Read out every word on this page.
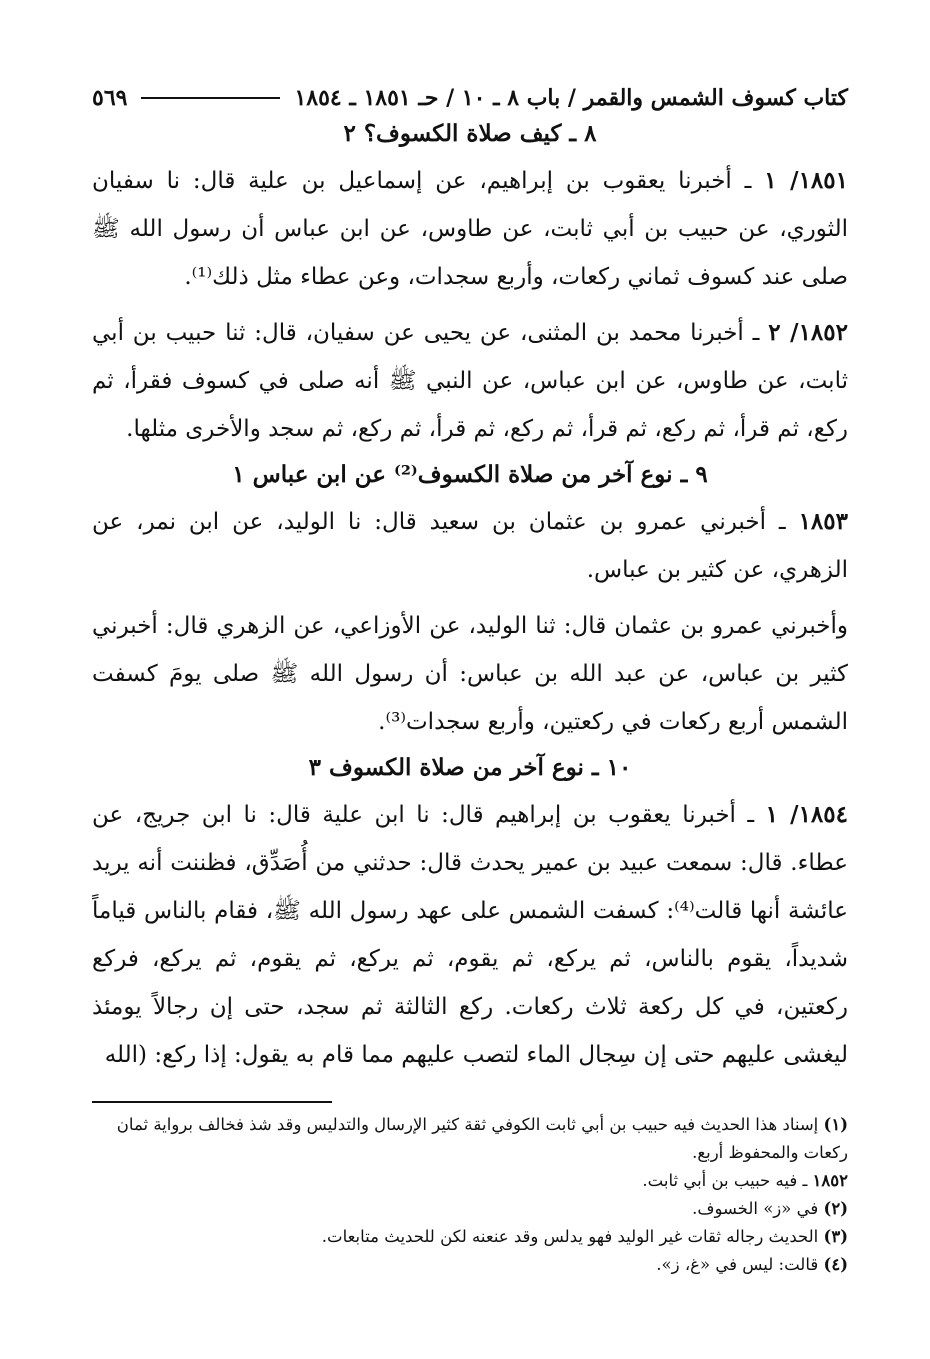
كتاب كسوف الشمس والقمر / باب ٨ ـ ١٠ / حـ ١٨٥١ ـ ١٨٥٤
٥٦٩
٨ ـ كيف صلاة الكسوف؟ ٢

١٨٥١/ ١ ـ أخبرنا يعقوب بن إبراهيم، عن إسماعيل بن علية قال: نا سفيان الثوري، عن حبيب بن أبي ثابت، عن طاوس، عن ابن عباس أن رسول الله ﷺ صلى عند كسوف ثماني ركعات، وأربع سجدات، وعن عطاء مثل ذلك⁽¹⁾.

١٨٥٢/ ٢ ـ أخبرنا محمد بن المثنى، عن يحيى عن سفيان، قال: ثنا حبيب بن أبي ثابت، عن طاوس، عن ابن عباس، عن النبي ﷺ أنه صلى في كسوف فقرأ، ثم ركع، ثم قرأ، ثم ركع، ثم قرأ، ثم ركع، ثم قرأ، ثم ركع، ثم سجد والأخرى مثلها.

٩ ـ نوع آخر من صلاة الكسوف⁽²⁾ عن ابن عباس ١

١٨٥٣ ـ أخبرني عمرو بن عثمان بن سعيد قال: نا الوليد، عن ابن نمر، عن الزهري، عن كثير بن عباس.

وأخبرني عمرو بن عثمان قال: ثنا الوليد، عن الأوزاعي، عن الزهري قال: أخبرني كثير بن عباس، عن عبد الله بن عباس: أن رسول الله ﷺ صلى يومَ كسفت الشمس أربع ركعات في ركعتين، وأربع سجدات⁽³⁾.

١٠ ـ نوع آخر من صلاة الكسوف ٣

١٨٥٤/ ١ ـ أخبرنا يعقوب بن إبراهيم قال: نا ابن علية قال: نا ابن جريج، عن عطاء. قال: سمعت عبيد بن عمير يحدث قال: حدثني من أُصَدِّق، فظننت أنه يريد عائشة أنها قالت⁽⁴⁾: كسفت الشمس على عهد رسول الله ﷺ، فقام بالناس قياماً شديداً، يقوم بالناس، ثم يركع، ثم يقوم، ثم يركع، ثم يقوم، ثم يركع، فركع ركعتين، في كل ركعة ثلاث ركعات. ركع الثالثة ثم سجد، حتى إن رجالاً يومئذ ليغشى عليهم حتى إن سِجال الماء لتصب عليهم مما قام به يقول: إذا ركع: (الله

(١) إسناد هذا الحديث فيه حبيب بن أبي ثابت الكوفي ثقة كثير الإرسال والتدليس وقد شذ فخالف برواية ثمان ركعات والمحفوظ أربع.

١٨٥٢ ـ فيه حبيب بن أبي ثابت.

(٢) في «ز» الخسوف.

(٣) الحديث رجاله ثقات غير الوليد فهو يدلس وقد عنعنه لكن للحديث متابعات.

(٤) قالت: ليس في «غ، ز».
